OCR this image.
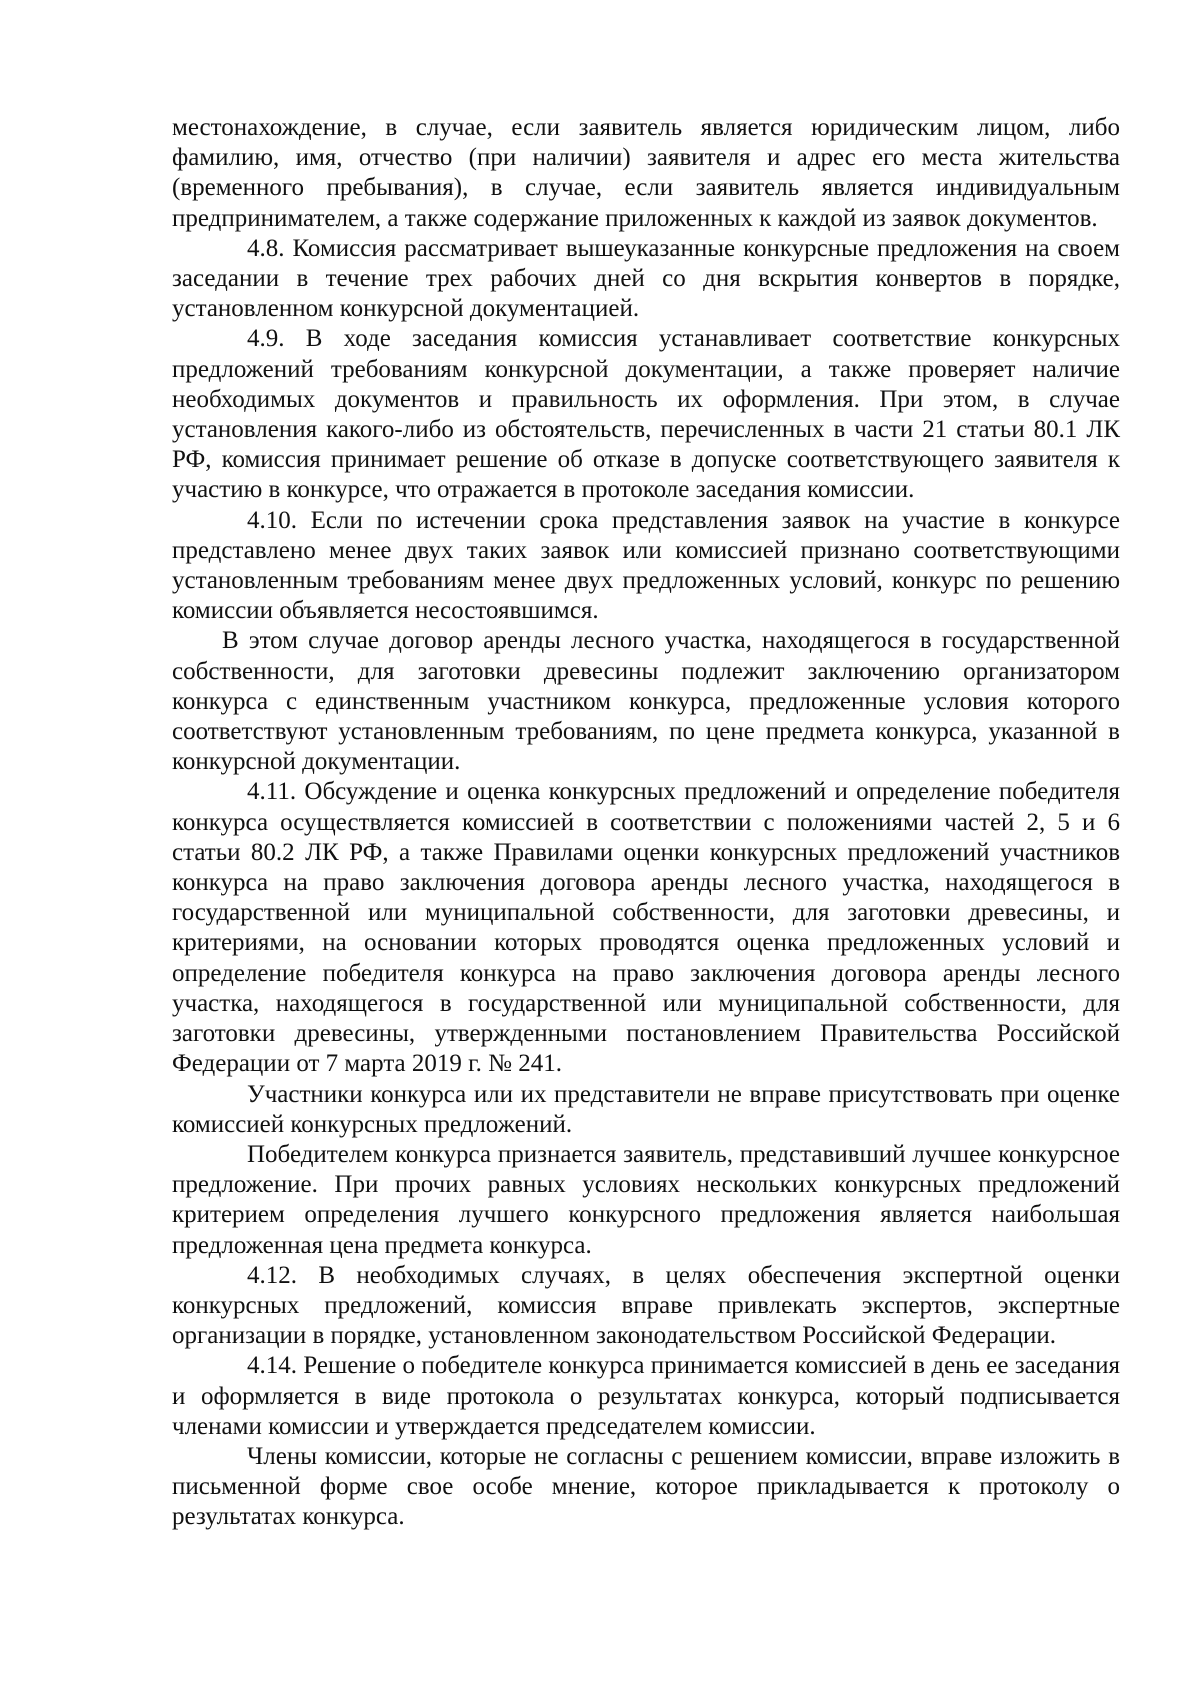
местонахождение, в случае, если заявитель является юридическим лицом, либо фамилию, имя, отчество (при наличии) заявителя и адрес его места жительства (временного пребывания), в случае, если заявитель является индивидуальным предпринимателем, а также содержание приложенных к каждой из заявок документов.

4.8. Комиссия рассматривает вышеуказанные конкурсные предложения на своем заседании в течение трех рабочих дней со дня вскрытия конвертов в порядке, установленном конкурсной документацией.

4.9. В ходе заседания комиссия устанавливает соответствие конкурсных предложений требованиям конкурсной документации, а также проверяет наличие необходимых документов и правильность их оформления. При этом, в случае установления какого-либо из обстоятельств, перечисленных в части 21 статьи 80.1 ЛК РФ, комиссия принимает решение об отказе в допуске соответствующего заявителя к участию в конкурсе, что отражается в протоколе заседания комиссии.

4.10. Если по истечении срока представления заявок на участие в конкурсе представлено менее двух таких заявок или комиссией признано соответствующими установленным требованиям менее двух предложенных условий, конкурс по решению комиссии объявляется несостоявшимся.

В этом случае договор аренды лесного участка, находящегося в государственной собственности, для заготовки древесины подлежит заключению организатором конкурса с единственным участником конкурса, предложенные условия которого соответствуют установленным требованиям, по цене предмета конкурса, указанной в конкурсной документации.

4.11. Обсуждение и оценка конкурсных предложений и определение победителя конкурса осуществляется комиссией в соответствии с положениями частей 2, 5 и 6 статьи 80.2 ЛК РФ, а также Правилами оценки конкурсных предложений участников конкурса на право заключения договора аренды лесного участка, находящегося в государственной или муниципальной собственности, для заготовки древесины, и критериями, на основании которых проводятся оценка предложенных условий и определение победителя конкурса на право заключения договора аренды лесного участка, находящегося в государственной или муниципальной собственности, для заготовки древесины, утвержденными постановлением Правительства Российской Федерации от 7 марта 2019 г. № 241.

Участники конкурса или их представители не вправе присутствовать при оценке комиссией конкурсных предложений.

Победителем конкурса признается заявитель, представивший лучшее конкурсное предложение. При прочих равных условиях нескольких конкурсных предложений критерием определения лучшего конкурсного предложения является наибольшая предложенная цена предмета конкурса.

4.12. В необходимых случаях, в целях обеспечения экспертной оценки конкурсных предложений, комиссия вправе привлекать экспертов, экспертные организации в порядке, установленном законодательством Российской Федерации.

4.14. Решение о победителе конкурса принимается комиссией в день ее заседания и оформляется в виде протокола о результатах конкурса, который подписывается членами комиссии и утверждается председателем комиссии.

Члены комиссии, которые не согласны с решением комиссии, вправе изложить в письменной форме свое особе мнение, которое прикладывается к протоколу о результатах конкурса.
